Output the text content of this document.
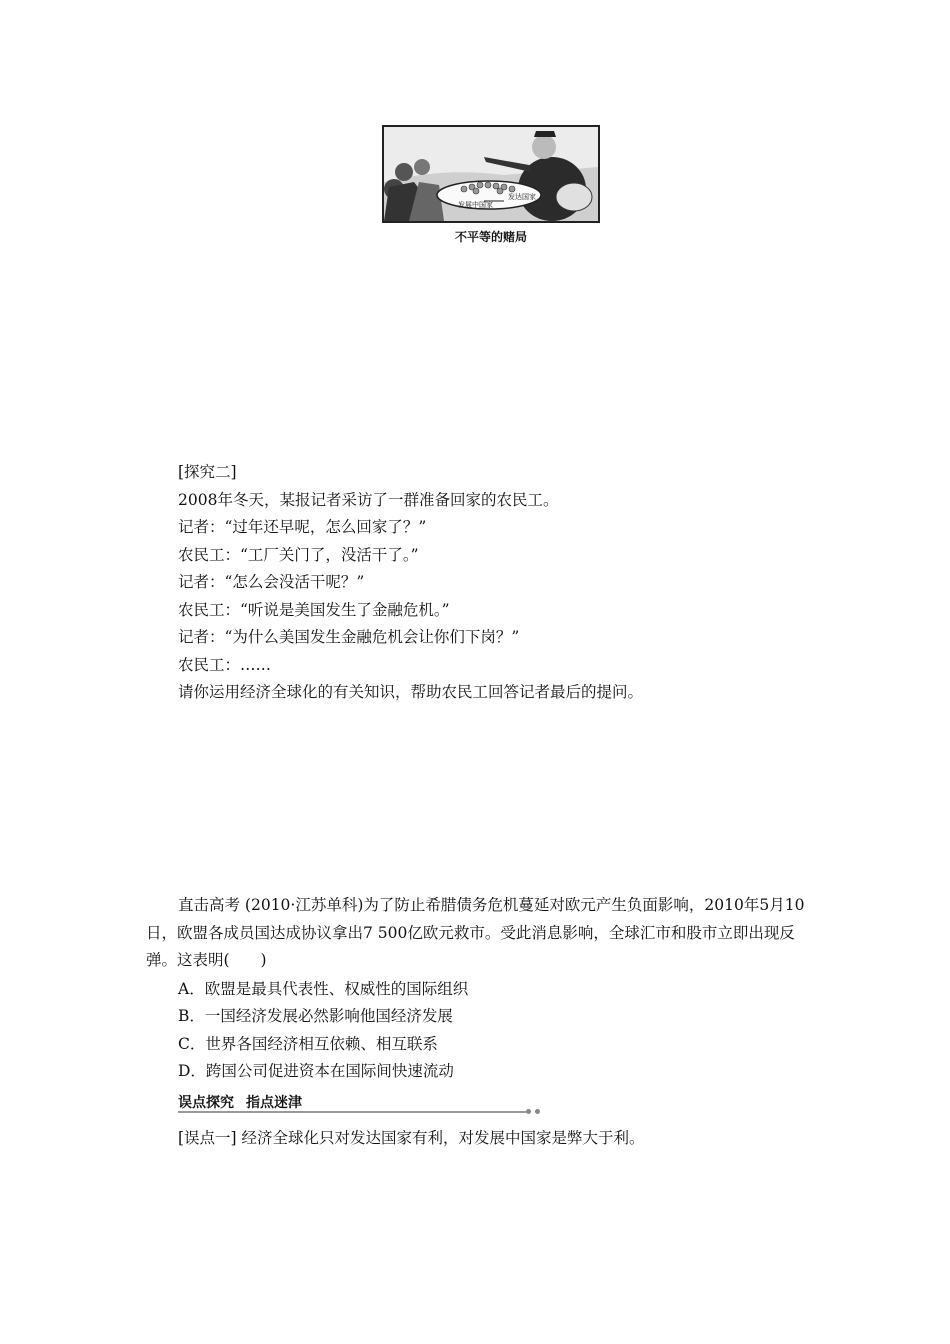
发展中国家
发达国家
不平等的赌局
[探究二]
2008年冬天，某报记者采访了一群准备回家的农民工。
记者：“过年还早呢，怎么回家了？”
农民工：“工厂关门了，没活干了。”
记者：“怎么会没活干呢？”
农民工：“听说是美国发生了金融危机。”
记者：“为什么美国发生金融危机会让你们下岗？”
农民工：……
请你运用经济全球化的有关知识，帮助农民工回答记者最后的提问。
直击高考 (2010·江苏单科)为了防止希腊债务危机蔓延对欧元产生负面影响，2010年5月10日，欧盟各成员国达成协议拿出7 500亿欧元救市。受此消息影响，全球汇市和股市立即出现反弹。这表明(　　)
A．欧盟是最具代表性、权威性的国际组织
B．一国经济发展必然影响他国经济发展
C．世界各国经济相互依赖、相互联系
D．跨国公司促进资本在国际间快速流动
误点探究 指点迷津
[误点一] 经济全球化只对发达国家有利，对发展中国家是弊大于利。
